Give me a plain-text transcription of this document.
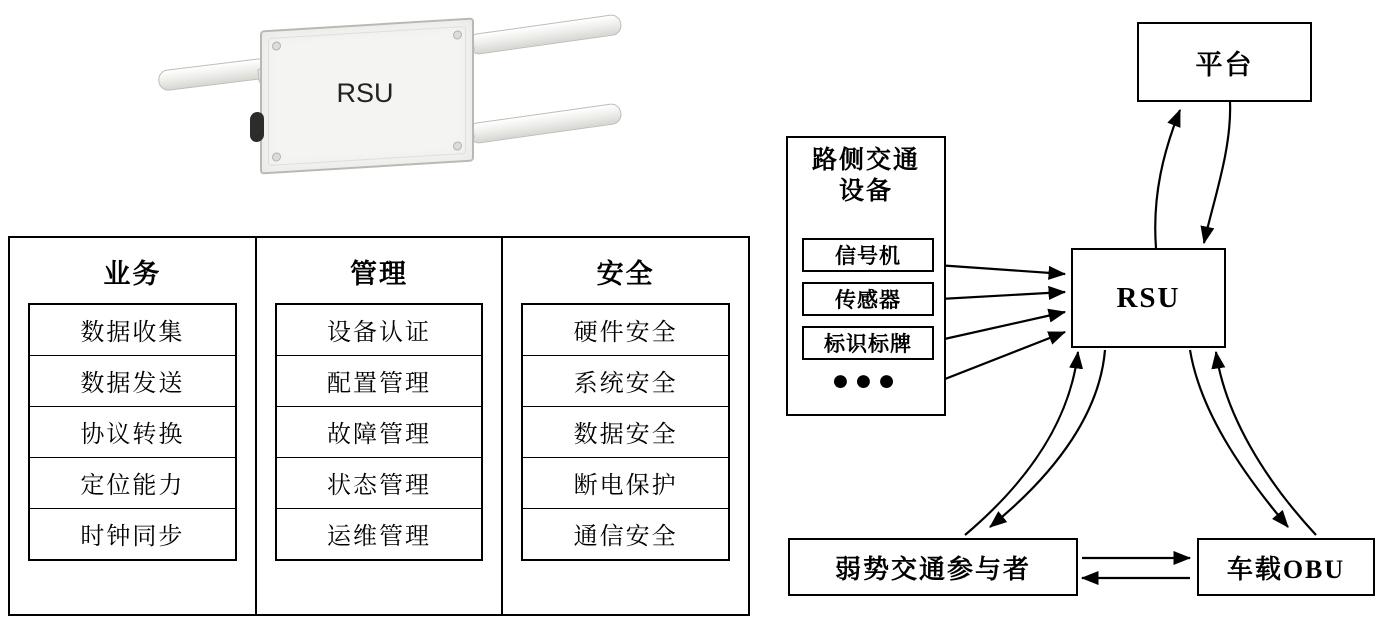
RSU
业务
数据收集
数据发送
协议转换
定位能力
时钟同步
管理
设备认证
配置管理
故障管理
状态管理
运维管理
安全
硬件安全
系统安全
数据安全
断电保护
通信安全
平台
RSU
路侧交通
设备
信号机
传感器
标识标牌
●●●
弱势交通参与者	车载OBU
